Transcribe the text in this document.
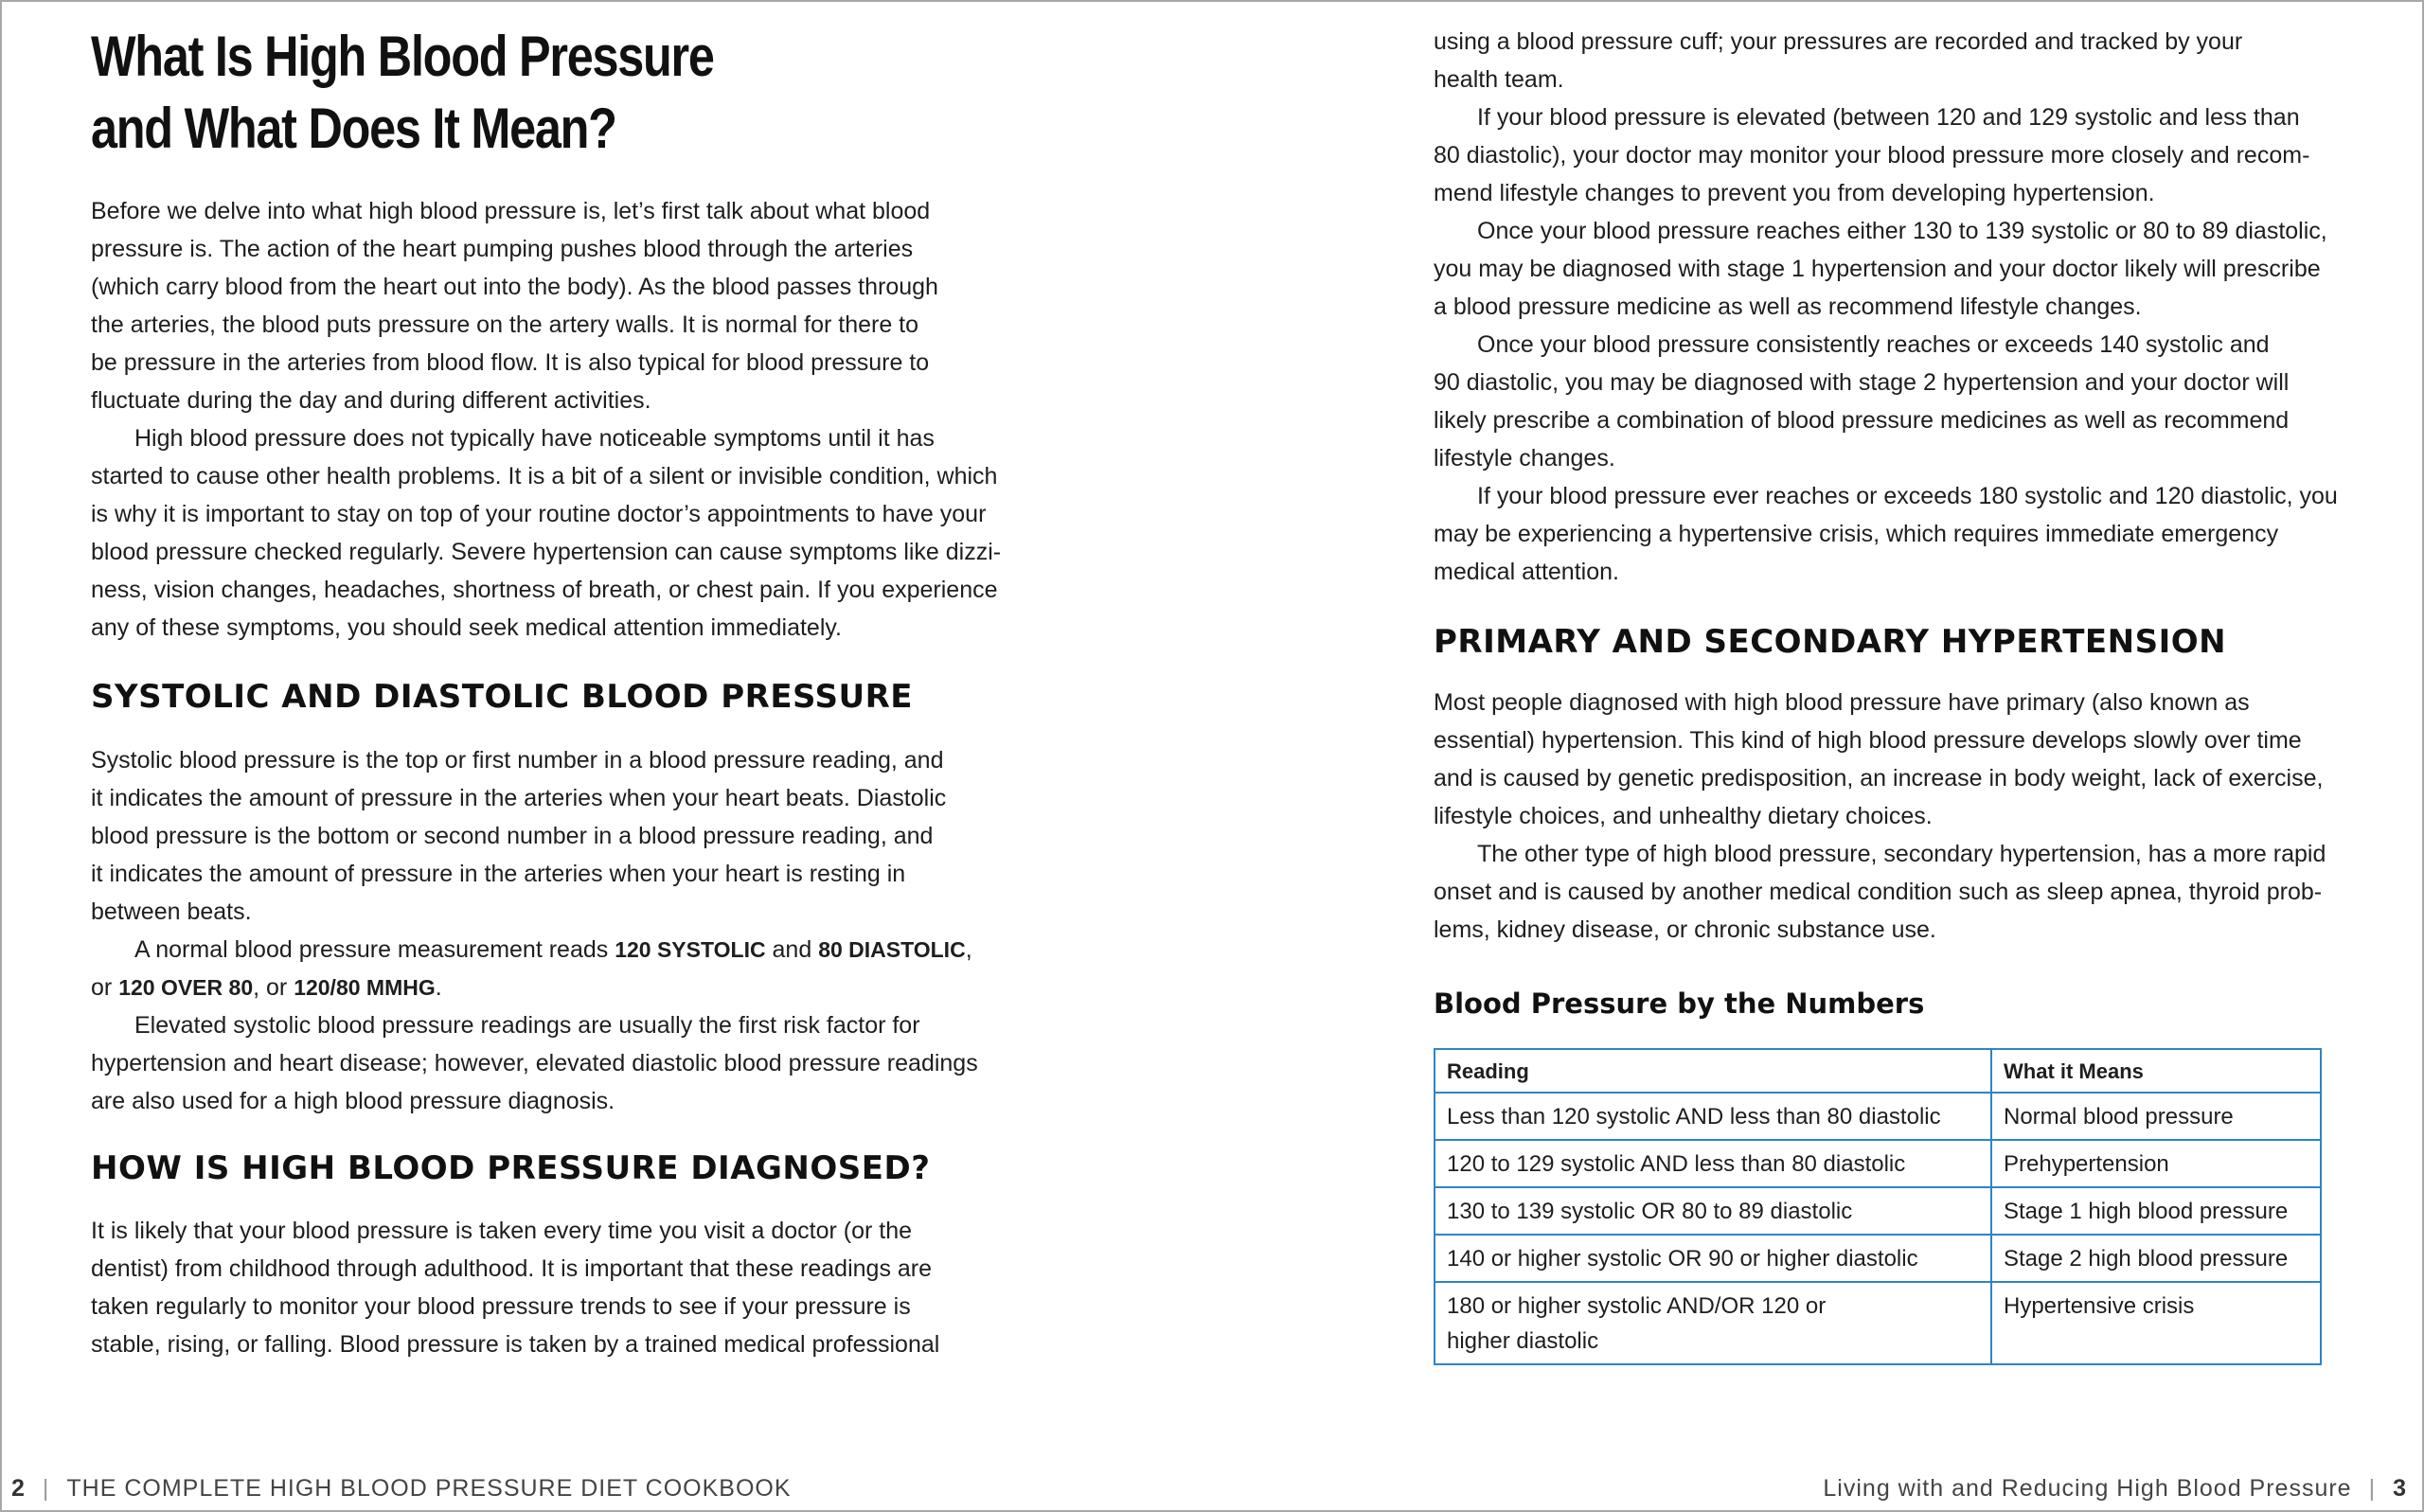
What Is High Blood Pressure
and What Does It Mean?

Before we delve into what high blood pressure is, let’s first talk about what blood
pressure is. The action of the heart pumping pushes blood through the arteries
(which carry blood from the heart out into the body). As the blood passes through
the arteries, the blood puts pressure on the artery walls. It is normal for there to
be pressure in the arteries from blood flow. It is also typical for blood pressure to
fluctuate during the day and during different activities.

High blood pressure does not typically have noticeable symptoms until it has
started to cause other health problems. It is a bit of a silent or invisible condition, which
is why it is important to stay on top of your routine doctor’s appointments to have your
blood pressure checked regularly. Severe hypertension can cause symptoms like dizzi-
ness, vision changes, headaches, shortness of breath, or chest pain. If you experience
any of these symptoms, you should seek medical attention immediately.

SYSTOLIC AND DIASTOLIC BLOOD PRESSURE

Systolic blood pressure is the top or first number in a blood pressure reading, and
it indicates the amount of pressure in the arteries when your heart beats. Diastolic
blood pressure is the bottom or second number in a blood pressure reading, and
it indicates the amount of pressure in the arteries when your heart is resting in
between beats.

A normal blood pressure measurement reads 120 SYSTOLIC and 80 DIASTOLIC,
or 120 OVER 80, or 120/80 MMHG.

Elevated systolic blood pressure readings are usually the first risk factor for
hypertension and heart disease; however, elevated diastolic blood pressure readings
are also used for a high blood pressure diagnosis.

HOW IS HIGH BLOOD PRESSURE DIAGNOSED?

It is likely that your blood pressure is taken every time you visit a doctor (or the
dentist) from childhood through adulthood. It is important that these readings are
taken regularly to monitor your blood pressure trends to see if your pressure is
stable, rising, or falling. Blood pressure is taken by a trained medical professional

2 | THE COMPLETE HIGH BLOOD PRESSURE DIET COOKBOOK

using a blood pressure cuff; your pressures are recorded and tracked by your
health team.

If your blood pressure is elevated (between 120 and 129 systolic and less than
80 diastolic), your doctor may monitor your blood pressure more closely and recom-
mend lifestyle changes to prevent you from developing hypertension.

Once your blood pressure reaches either 130 to 139 systolic or 80 to 89 diastolic,
you may be diagnosed with stage 1 hypertension and your doctor likely will prescribe
a blood pressure medicine as well as recommend lifestyle changes.

Once your blood pressure consistently reaches or exceeds 140 systolic and
90 diastolic, you may be diagnosed with stage 2 hypertension and your doctor will
likely prescribe a combination of blood pressure medicines as well as recommend
lifestyle changes.

If your blood pressure ever reaches or exceeds 180 systolic and 120 diastolic, you
may be experiencing a hypertensive crisis, which requires immediate emergency
medical attention.

PRIMARY AND SECONDARY HYPERTENSION

Most people diagnosed with high blood pressure have primary (also known as
essential) hypertension. This kind of high blood pressure develops slowly over time
and is caused by genetic predisposition, an increase in body weight, lack of exercise,
lifestyle choices, and unhealthy dietary choices.

The other type of high blood pressure, secondary hypertension, has a more rapid
onset and is caused by another medical condition such as sleep apnea, thyroid prob-
lems, kidney disease, or chronic substance use.

Blood Pressure by the Numbers
Reading	What it Means

Less than 120 systolic AND less than 80 diastolic	Normal blood pressure

120 to 129 systolic AND less than 80 diastolic	Prehypertension

130 to 139 systolic OR 80 to 89 diastolic	Stage 1 high blood pressure

140 or higher systolic OR 90 or higher diastolic	Stage 2 high blood pressure

180 or higher systolic AND/OR 120 or
higher diastolic	Hypertensive crisis
Living with and Reducing High Blood Pressure | 3
